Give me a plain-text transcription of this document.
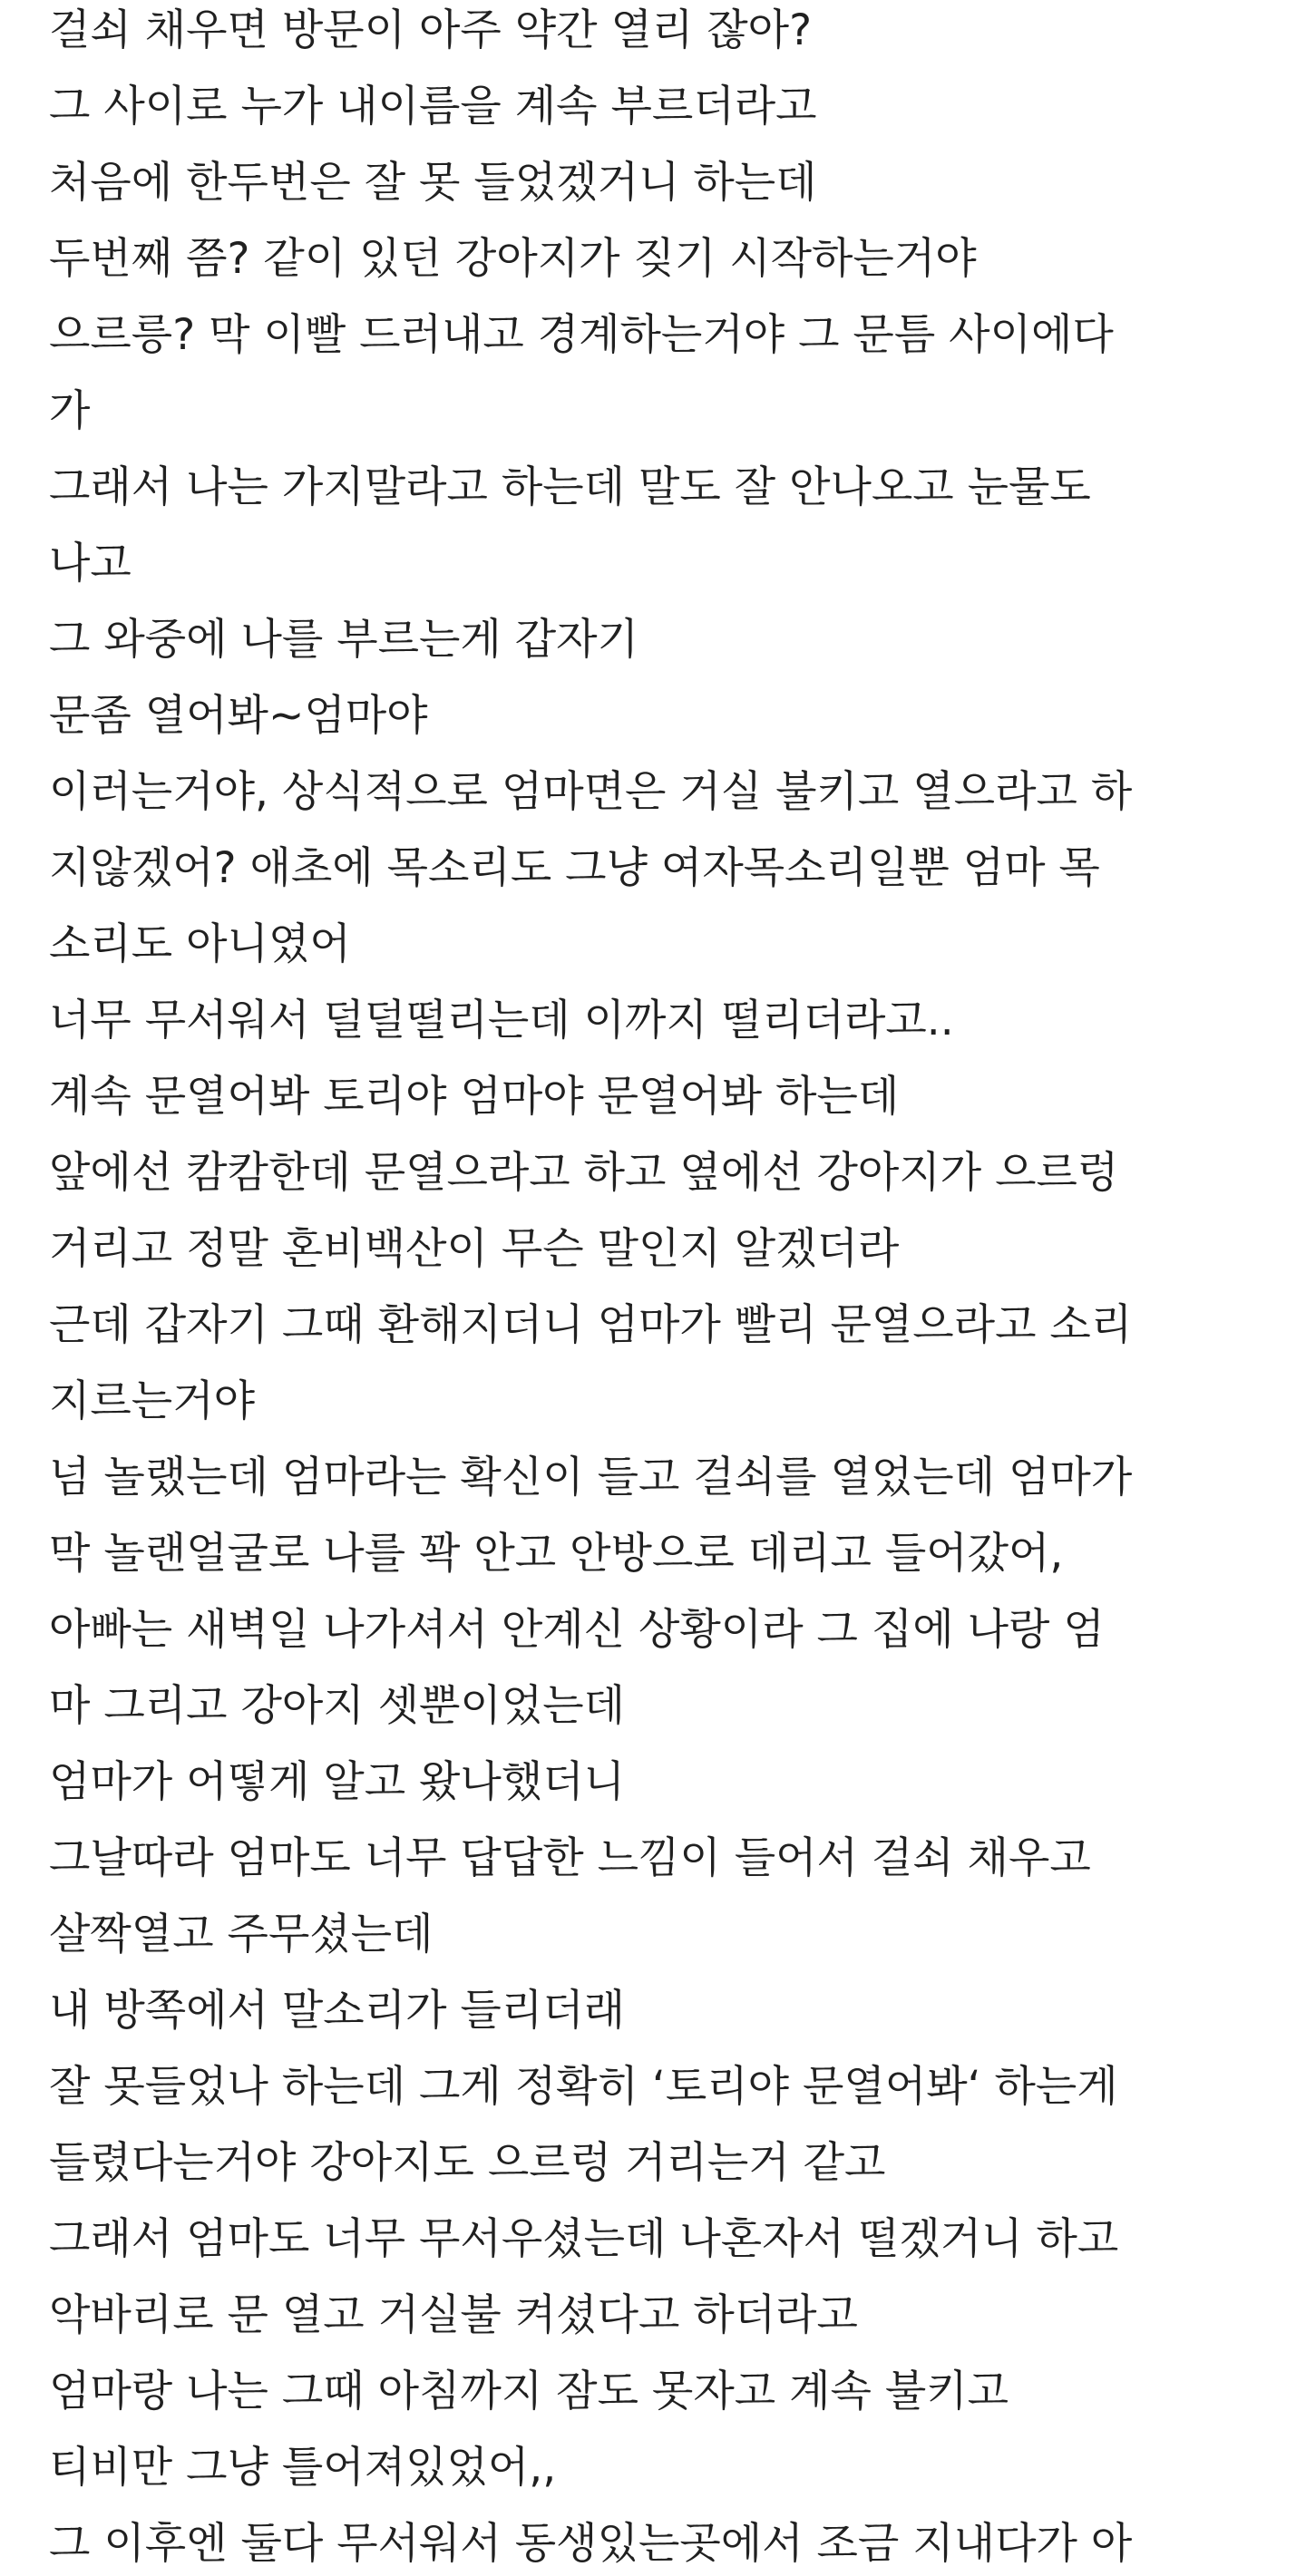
걸쇠 채우면 방문이 아주 약간 열리 잖아?

그 사이로 누가 내이름을 계속 부르더라고

처음에 한두번은 잘 못 들었겠거니 하는데

두번째 쯤? 같이 있던 강아지가 짖기 시작하는거야

으르릉? 막 이빨 드러내고 경계하는거야 그 문틈 사이에다

가

그래서 나는 가지말라고 하는데 말도 잘 안나오고 눈물도

나고

그 와중에 나를 부르는게 갑자기

문좀 열어봐~엄마야

이러는거야, 상식적으로 엄마면은 거실 불키고 열으라고 하

지않겠어? 애초에 목소리도 그냥 여자목소리일뿐 엄마 목

소리도 아니였어

너무 무서워서 덜덜떨리는데 이까지 떨리더라고..

계속 문열어봐 토리야 엄마야 문열어봐 하는데

앞에선 캄캄한데 문열으라고 하고 옆에선 강아지가 으르렁

거리고 정말 혼비백산이 무슨 말인지 알겠더라

근데 갑자기 그때 환해지더니 엄마가 빨리 문열으라고 소리

지르는거야

넘 놀랬는데 엄마라는 확신이 들고 걸쇠를 열었는데 엄마가

막 놀랜얼굴로 나를 꽉 안고 안방으로 데리고 들어갔어,

아빠는 새벽일 나가셔서 안계신 상황이라 그 집에 나랑 엄

마 그리고 강아지 셋뿐이었는데

엄마가 어떻게 알고 왔나했더니

그날따라 엄마도 너무 답답한 느낌이 들어서 걸쇠 채우고

살짝열고 주무셨는데

내 방쪽에서 말소리가 들리더래

잘 못들었나 하는데 그게 정확히 ‘토리야 문열어봐‘ 하는게

들렸다는거야 강아지도 으르렁 거리는거 같고

그래서 엄마도 너무 무서우셨는데 나혼자서 떨겠거니 하고

악바리로 문 열고 거실불 켜셨다고 하더라고

엄마랑 나는 그때 아침까지 잠도 못자고 계속 불키고

티비만 그냥 틀어져있었어,,

그 이후엔 둘다 무서워서 동생있는곳에서 조금 지내다가 아
